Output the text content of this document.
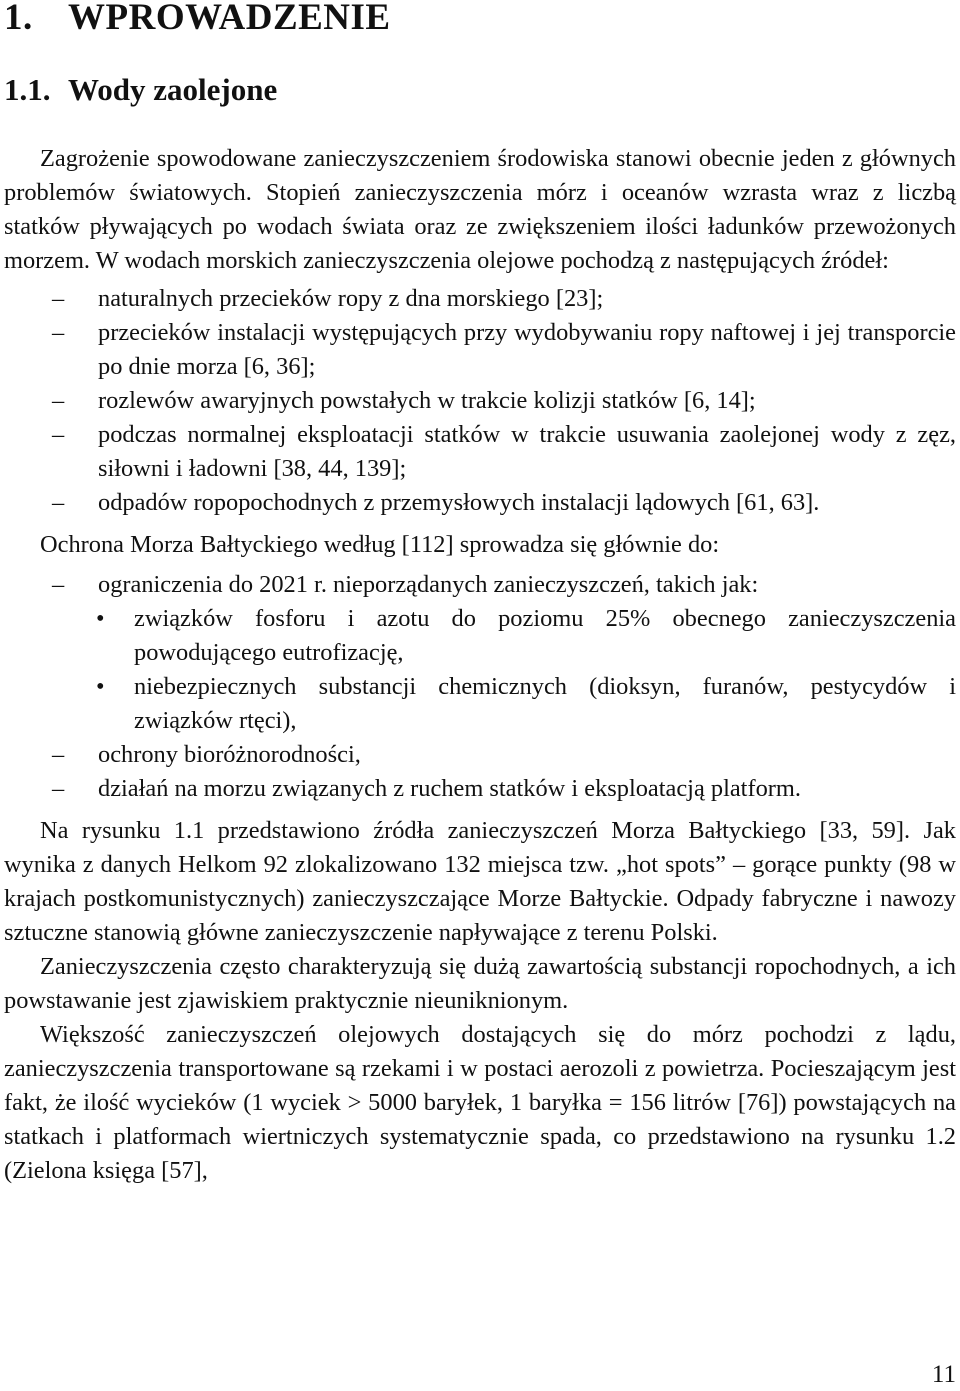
1. WPROWADZENIE
1.1. Wody zaolejone

Zagrożenie spowodowane zanieczyszczeniem środowiska stanowi obecnie jeden z głównych problemów światowych. Stopień zanieczyszczenia mórz i oceanów wzrasta wraz z liczbą statków pływających po wodach świata oraz ze zwiększeniem ilości ładunków przewożonych morzem. W wodach morskich zanieczyszczenia olejowe pochodzą z następujących źródeł:

– naturalnych przecieków ropy z dna morskiego [23];

– przecieków instalacji występujących przy wydobywaniu ropy naftowej i jej transporcie po dnie morza [6, 36];

– rozlewów awaryjnych powstałych w trakcie kolizji statków [6, 14];

– podczas normalnej eksploatacji statków w trakcie usuwania zaolejonej wody z zęz, siłowni i ładowni [38, 44, 139];

– odpadów ropopochodnych z przemysłowych instalacji lądowych [61, 63].

Ochrona Morza Bałtyckiego według [112] sprowadza się głównie do:

– ograniczenia do 2021 r. nieporządanych zanieczyszczeń, takich jak:

• związków fosforu i azotu do poziomu 25% obecnego zanieczyszczenia powodującego eutrofizację,

• niebezpiecznych substancji chemicznych (dioksyn, furanów, pestycydów i związków rtęci),

– ochrony bioróżnorodności,

– działań na morzu związanych z ruchem statków i eksploatacją platform.

Na rysunku 1.1 przedstawiono źródła zanieczyszczeń Morza Bałtyckiego [33, 59]. Jak wynika z danych Helkom 92 zlokalizowano 132 miejsca tzw. „hot spots” – gorące punkty (98 w krajach postkomunistycznych) zanieczyszczające Morze Bałtyckie. Odpady fabryczne i nawozy sztuczne stanowią główne zanieczyszczenie napływające z terenu Polski.

Zanieczyszczenia często charakteryzują się dużą zawartością substancji ropochodnych, a ich powstawanie jest zjawiskiem praktycznie nieuniknionym.

Większość zanieczyszczeń olejowych dostających się do mórz pochodzi z lądu, zanieczyszczenia transportowane są rzekami i w postaci aerozoli z powietrza. Pocieszającym jest fakt, że ilość wycieków (1 wyciek > 5000 baryłek, 1 baryłka = 156 litrów [76]) powstających na statkach i platformach wiertniczych systematycznie spada, co przedstawiono na rysunku 1.2 (Zielona księga [57],

11
